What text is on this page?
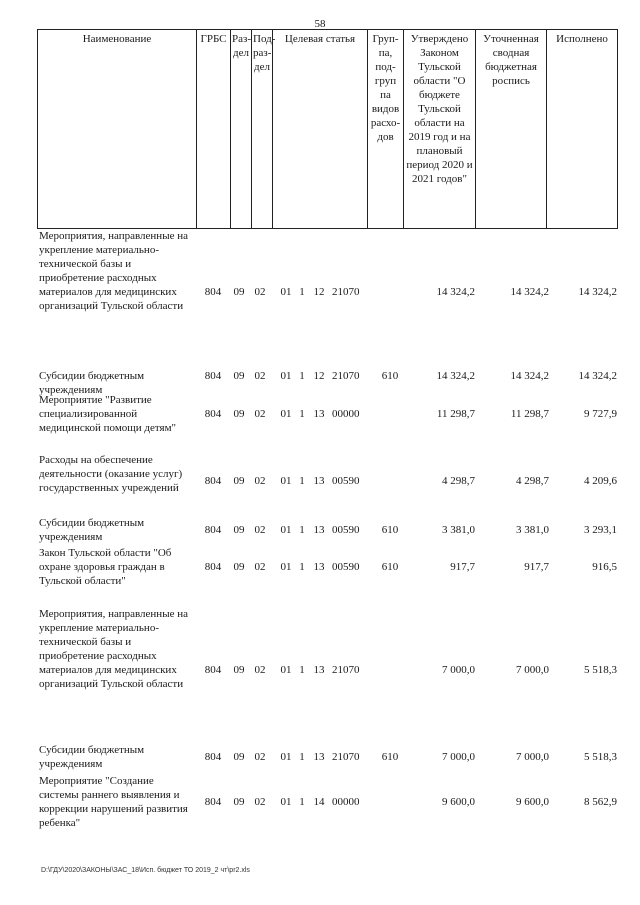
58
Наименование	ГРБС	Раз-дел	Под-раз-дел	Целевая статья	Груп-па, под-груп па видов расхо-дов	Утверждено Законом Тульской области "О бюджете Тульской области на 2019 год и на плановый период 2020 и 2021 годов"	Уточненная сводная бюджетная роспись	Исполнено
Мероприятия, направленные на укрепление материально-технической базы и приобретение расходных материалов для медицинских организаций Тульской области
804	09 02	01 1 12 21070	14 324,2	14 324,2	14 324,2
Субсидии бюджетным учреждениям
804	09 02	01 1 12 21070	610	14 324,2	14 324,2	14 324,2
Мероприятие "Развитие специализированной медицинской помощи детям"
804	09 02	01 1 13 00000	11 298,7	11 298,7	9 727,9
Расходы на обеспечение деятельности (оказание услуг) государственных учреждений
804	09 02	01 1 13 00590	4 298,7	4 298,7	4 209,6
Субсидии бюджетным учреждениям
804	09 02	01 1 13 00590	610	3 381,0	3 381,0	3 293,1
Закон Тульской области "Об охране здоровья граждан в Тульской области"
804	09 02	01 1 13 00590	610	917,7	917,7	916,5
Мероприятия, направленные на укрепление материально-технической базы и приобретение расходных материалов для медицинских организаций Тульской области
804	09 02	01 1 13 21070	7 000,0	7 000,0	5 518,3
Субсидии бюджетным учреждениям
804	09 02	01 1 13 21070	610	7 000,0	7 000,0	5 518,3
Мероприятие "Создание системы раннего выявления и коррекции нарушений развития ребенка"
804	09 02	01 1 14 00000	9 600,0	9 600,0	8 562,9
D:\ГДУ\2020\ЗАКОНЫ\ЗАС_18\Исп. бюджет ТО 2019_2 чт\pr2.xls
